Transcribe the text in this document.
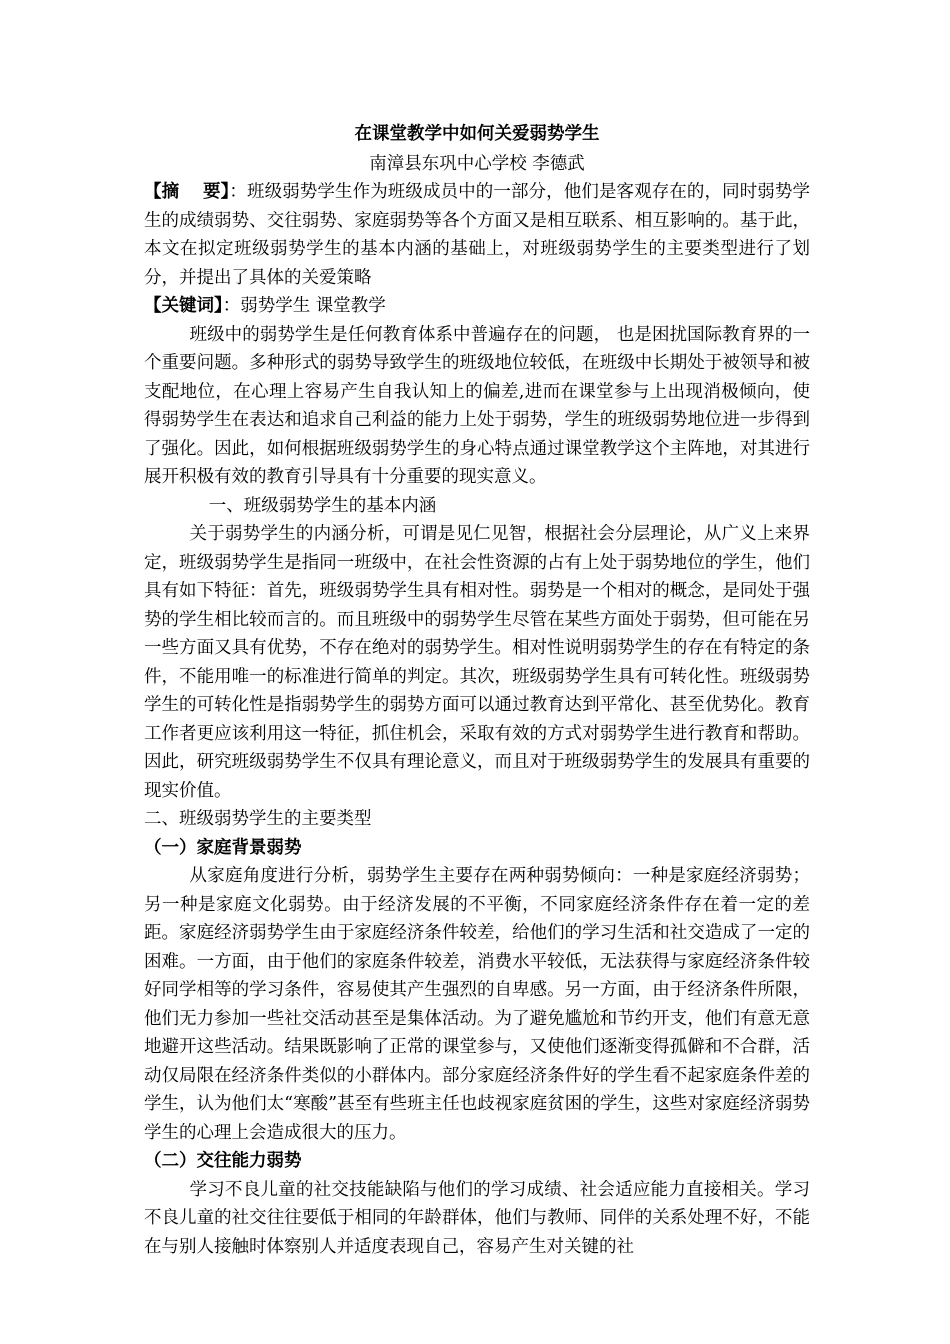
在课堂教学中如何关爱弱势学生

南漳县东巩中心学校 李德武

【摘　 要】：班级弱势学生作为班级成员中的一部分，他们是客观存在的，同时弱势学生的成绩弱势、交往弱势、家庭弱势等各个方面又是相互联系、相互影响的。基于此，本文在拟定班级弱势学生的基本内涵的基础上，对班级弱势学生的主要类型进行了划分，并提出了具体的关爱策略

【关键词】：弱势学生 课堂教学

班级中的弱势学生是任何教育体系中普遍存在的问题， 也是困扰国际教育界的一个重要问题。多种形式的弱势导致学生的班级地位较低，在班级中长期处于被领导和被支配地位，在心理上容易产生自我认知上的偏差,进而在课堂参与上出现消极倾向，使得弱势学生在表达和追求自己利益的能力上处于弱势，学生的班级弱势地位进一步得到了强化。因此，如何根据班级弱势学生的身心特点通过课堂教学这个主阵地，对其进行展开积极有效的教育引导具有十分重要的现实意义。

一、班级弱势学生的基本内涵

关于弱势学生的内涵分析，可谓是见仁见智，根据社会分层理论，从广义上来界定，班级弱势学生是指同一班级中，在社会性资源的占有上处于弱势地位的学生，他们具有如下特征：首先，班级弱势学生具有相对性。弱势是一个相对的概念，是同处于强势的学生相比较而言的。而且班级中的弱势学生尽管在某些方面处于弱势，但可能在另一些方面又具有优势，不存在绝对的弱势学生。相对性说明弱势学生的存在有特定的条件，不能用唯一的标准进行简单的判定。其次，班级弱势学生具有可转化性。班级弱势学生的可转化性是指弱势学生的弱势方面可以通过教育达到平常化、甚至优势化。教育工作者更应该利用这一特征，抓住机会，采取有效的方式对弱势学生进行教育和帮助。因此，研究班级弱势学生不仅具有理论意义，而且对于班级弱势学生的发展具有重要的现实价值。

二、班级弱势学生的主要类型

（一）家庭背景弱势

从家庭角度进行分析，弱势学生主要存在两种弱势倾向：一种是家庭经济弱势；另一种是家庭文化弱势。由于经济发展的不平衡，不同家庭经济条件存在着一定的差距。家庭经济弱势学生由于家庭经济条件较差，给他们的学习生活和社交造成了一定的困难。一方面，由于他们的家庭条件较差，消费水平较低，无法获得与家庭经济条件较好同学相等的学习条件，容易使其产生强烈的自卑感。另一方面，由于经济条件所限，他们无力参加一些社交活动甚至是集体活动。为了避免尴尬和节约开支，他们有意无意地避开这些活动。结果既影响了正常的课堂参与，又使他们逐渐变得孤僻和不合群，活动仅局限在经济条件类似的小群体内。部分家庭经济条件好的学生看不起家庭条件差的学生，认为他们太“寒酸”甚至有些班主任也歧视家庭贫困的学生，这些对家庭经济弱势学生的心理上会造成很大的压力。

（二）交往能力弱势

学习不良儿童的社交技能缺陷与他们的学习成绩、社会适应能力直接相关。学习不良儿童的社交往往要低于相同的年龄群体，他们与教师、同伴的关系处理不好，不能在与别人接触时体察别人并适度表现自己，容易产生对关键的社
